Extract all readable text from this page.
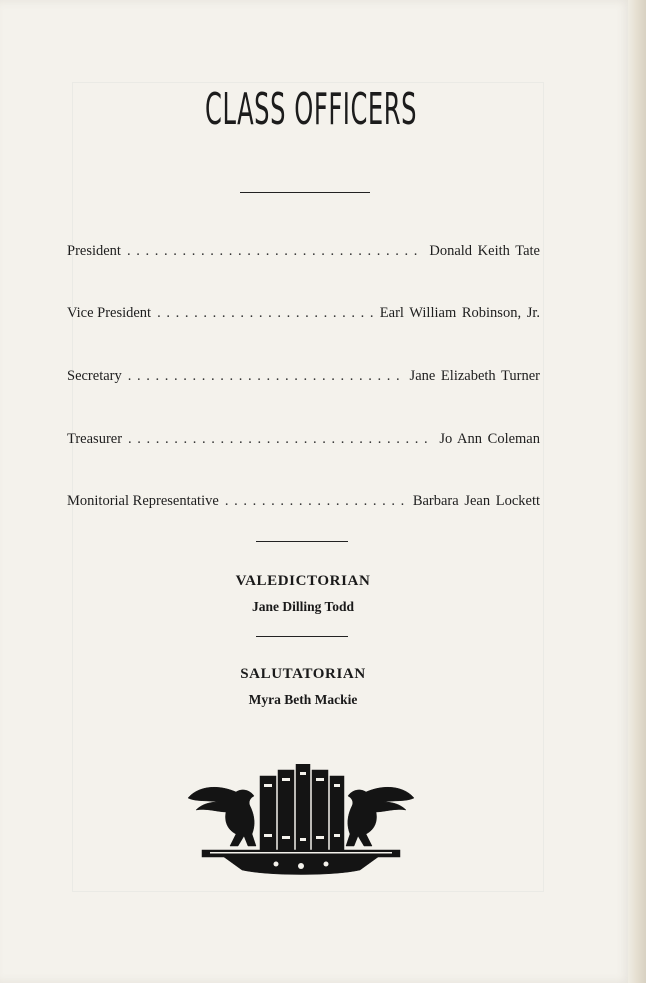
CLASS OFFICERS
President . . .	Donald Keith Tate
Vice President . . .	Earl William Robinson, Jr.
Secretary . . .	Jane Elizabeth Turner
Treasurer . . .	Jo Ann Coleman
Monitorial Representative . . .	Barbara Jean Lockett
VALEDICTORIAN
Jane Dilling Todd
SALUTATORIAN
Myra Beth Mackie
